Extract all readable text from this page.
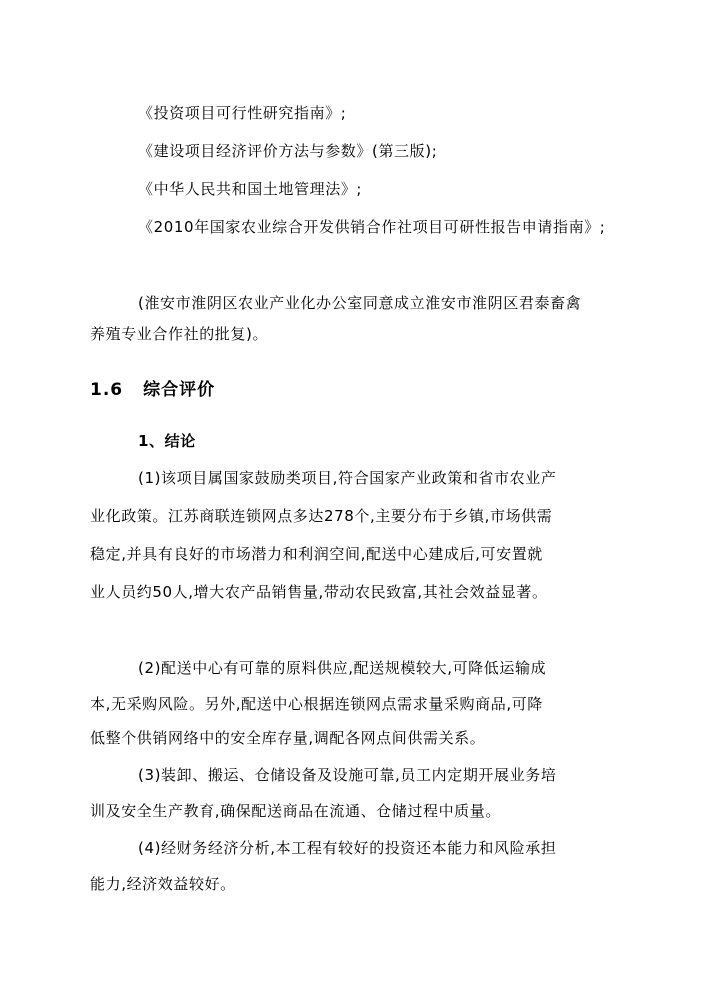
《投资项目可行性研究指南》;
《建设项目经济评价方法与参数》(第三版);
《中华人民共和国土地管理法》;
《2010年国家农业综合开发供销合作社项目可研性报告申请指南》;
(淮安市淮阴区农业产业化办公室同意成立淮安市淮阴区君泰畜禽
养殖专业合作社的批复)。
1.6 综合评价
1、结论
(1)该项目属国家鼓励类项目,符合国家产业政策和省市农业产
业化政策。江苏商联连锁网点多达278个,主要分布于乡镇,市场供需
稳定,并具有良好的市场潜力和利润空间,配送中心建成后,可安置就
业人员约50人,增大农产品销售量,带动农民致富,其社会效益显著。
(2)配送中心有可靠的原料供应,配送规模较大,可降低运输成
本,无采购风险。另外,配送中心根据连锁网点需求量采购商品,可降
低整个供销网络中的安全库存量,调配各网点间供需关系。
(3)装卸、搬运、仓储设备及设施可靠,员工内定期开展业务培
训及安全生产教育,确保配送商品在流通、仓储过程中质量。
(4)经财务经济分析,本工程有较好的投资还本能力和风险承担
能力,经济效益较好。
